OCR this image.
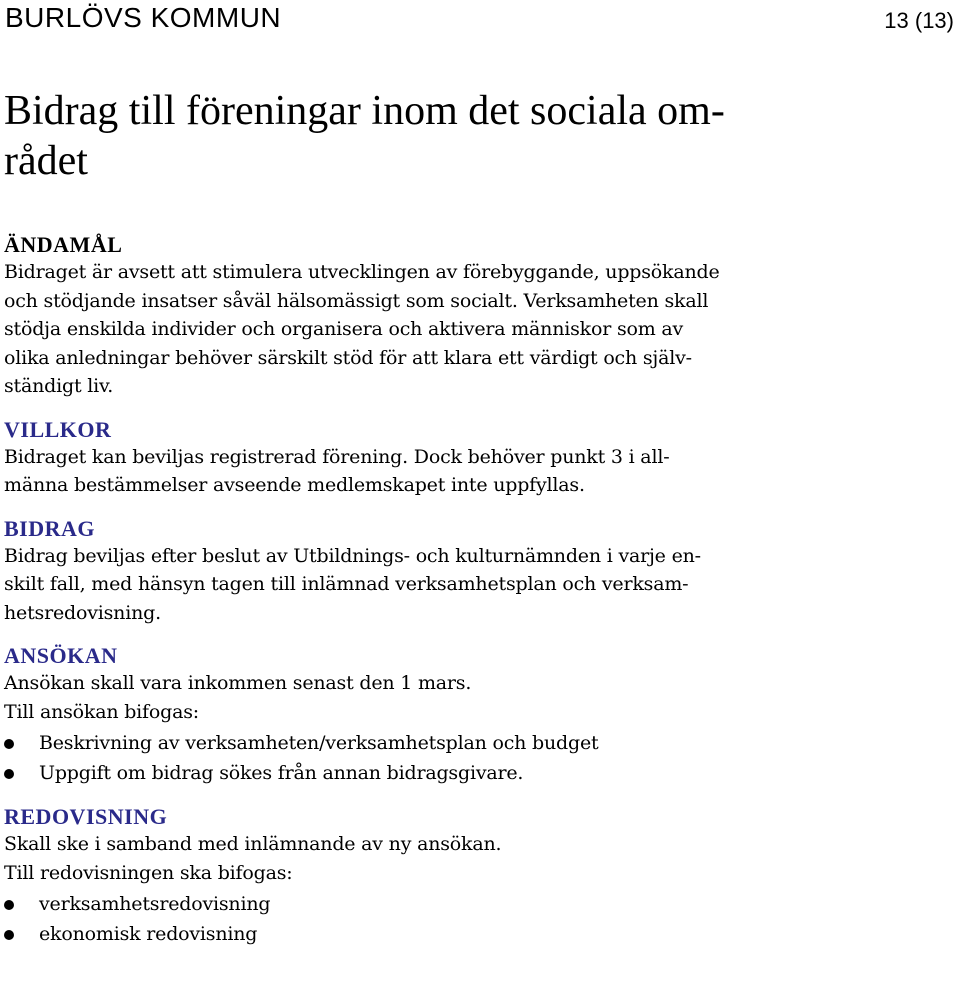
BURLÖVS KOMMUN	13 (13)
Bidrag till föreningar inom det sociala om-
rådet
ÄNDAMÅL

Bidraget är avsett att stimulera utvecklingen av förebyggande, uppsökande
och stödjande insatser såväl hälsomässigt som socialt. Verksamheten skall
stödja enskilda individer och organisera och aktivera människor som av
olika anledningar behöver särskilt stöd för att klara ett värdigt och själv-
ständigt liv.

VILLKOR

Bidraget kan beviljas registrerad förening. Dock behöver punkt 3 i all-
männa bestämmelser avseende medlemskapet inte uppfyllas.

BIDRAG

Bidrag beviljas efter beslut av Utbildnings- och kulturnämnden i varje en-
skilt fall, med hänsyn tagen till inlämnad verksamhetsplan och verksam-
hetsredovisning.

ANSÖKAN

Ansökan skall vara inkommen senast den 1 mars.
Till ansökan bifogas:

Beskrivning av verksamheten/verksamhetsplan och budget
Uppgift om bidrag sökes från annan bidragsgivare.
REDOVISNING

Skall ske i samband med inlämnande av ny ansökan.
Till redovisningen ska bifogas:

verksamhetsredovisning
ekonomisk redovisning
